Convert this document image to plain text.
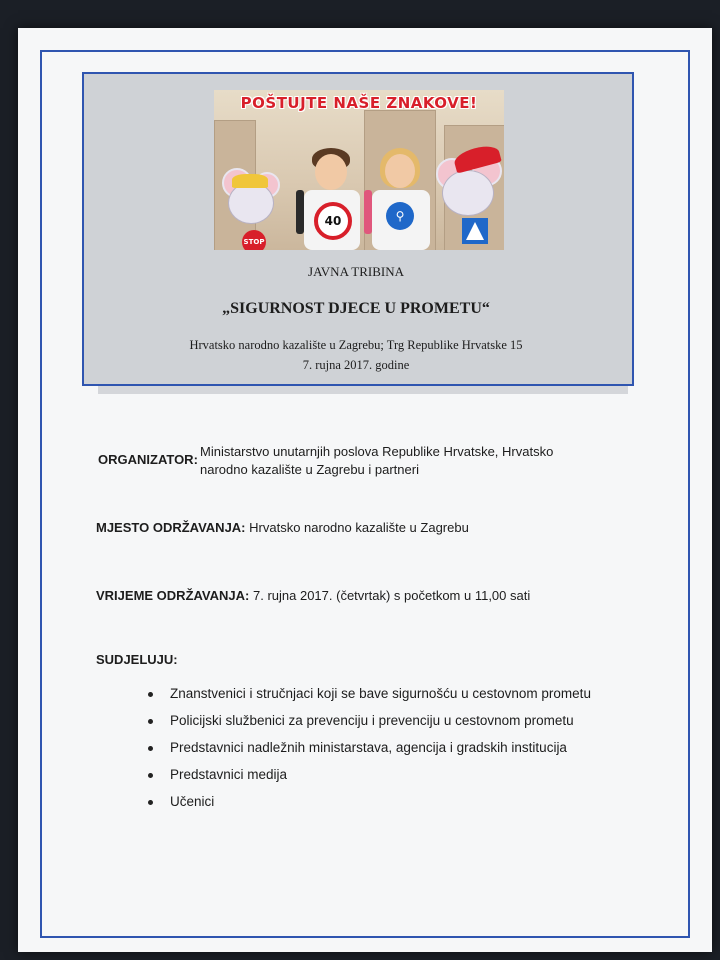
POŠTUJTE NAŠE ZNAKOVE!
STOP
40	⚲
JAVNA TRIBINA
„SIGURNOST DJECE U PROMETU“
Hrvatsko narodno kazalište u Zagrebu; Trg Republike Hrvatske 15
7. rujna 2017. godine
ORGANIZATOR:
Ministarstvo unutarnjih poslova Republike Hrvatske, Hrvatsko
narodno kazalište u Zagrebu i partneri
MJESTO ODRŽAVANJA: Hrvatsko narodno kazalište u Zagrebu
VRIJEME ODRŽAVANJA: 7. rujna 2017. (četvrtak) s početkom u 11,00 sati
SUDJELUJU:
Znanstvenici i stručnjaci koji se bave sigurnošću u cestovnom prometu
Policijski službenici za prevenciju i prevenciju u cestovnom prometu
Predstavnici nadležnih ministarstava, agencija i gradskih institucija
Predstavnici medija
Učenici
